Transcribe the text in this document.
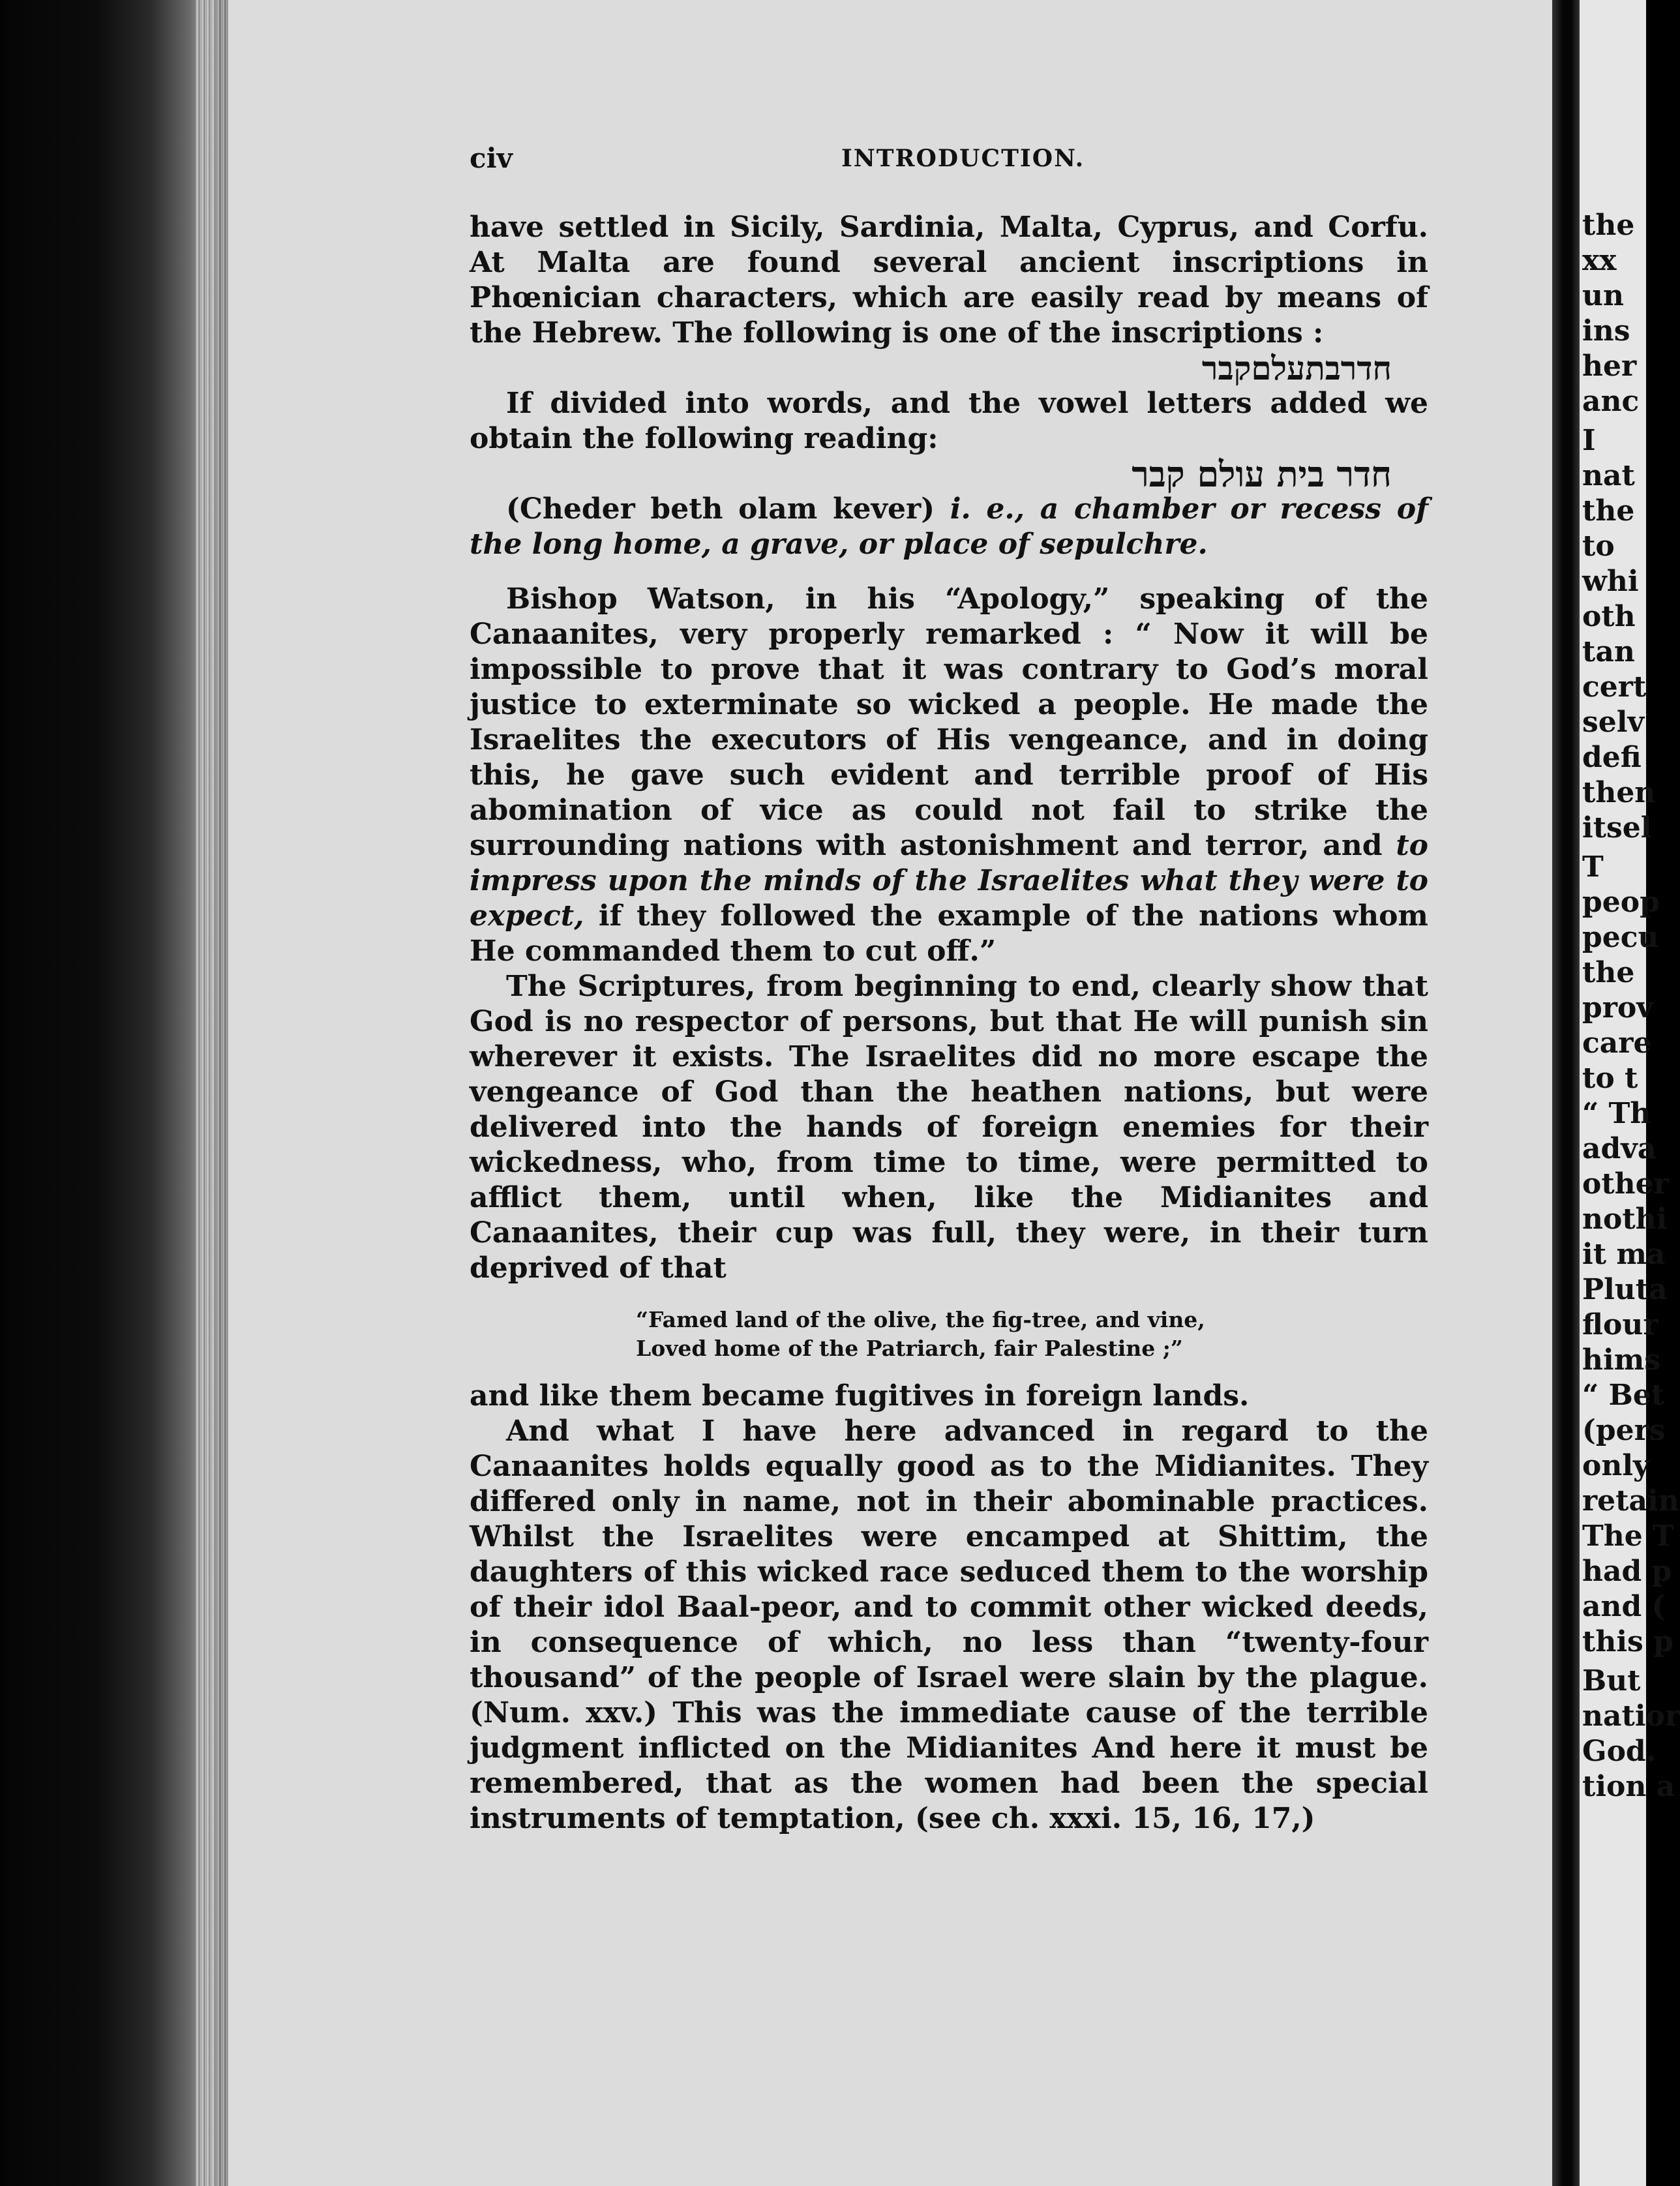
the
xx
un
ins
her
anc
I
nat
the
to
whi
oth
tan
cert
selv
defi
then
itsel
T
peop
pecu
the
prov
care
to t
“ Th
adva
other
nothi
it ma
Pluta
flour
hims
“ Bet
(pers
only
retain
The T
had p
and (
this p
But
natior
God.
tion a
civ	INTRODUCTION.

have settled in Sicily, Sardinia, Malta, Cyprus, and Corfu. At Malta are found several ancient inscriptions in Phœnician characters, which are easily read by means of the Hebrew. The following is one of the inscriptions :

חדרבתעלםקבר

If divided into words, and the vowel letters added we obtain the following reading:

חדר בית עולם קבר

(Cheder beth olam kever) i. e., a chamber or recess of the long home, a grave, or place of sepulchre.

Bishop Watson, in his “Apology,” speaking of the Canaanites, very properly remarked : “ Now it will be impossible to prove that it was contrary to God’s moral justice to exterminate so wicked a people. He made the Israelites the executors of His vengeance, and in doing this, he gave such evident and terrible proof of His abomination of vice as could not fail to strike the surrounding nations with astonishment and terror, and to impress upon the minds of the Israelites what they were to expect, if they followed the example of the nations whom He commanded them to cut off.”

The Scriptures, from beginning to end, clearly show that God is no respector of persons, but that He will punish sin wherever it exists. The Israelites did no more escape the vengeance of God than the heathen nations, but were delivered into the hands of foreign enemies for their wickedness, who, from time to time, were permitted to afflict them, until when, like the Midianites and Canaanites, their cup was full, they were, in their turn deprived of that

“Famed land of the olive, the fig-tree, and vine,
Loved home of the Patriarch, fair Palestine ;”

and like them became fugitives in foreign lands.

And what I have here advanced in regard to the Canaanites holds equally good as to the Midianites. They differed only in name, not in their abominable practices. Whilst the Israelites were encamped at Shittim, the daughters of this wicked race seduced them to the worship of their idol Baal-peor, and to commit other wicked deeds, in consequence of which, no less than “twenty-four thousand” of the people of Israel were slain by the plague. (Num. xxv.) This was the immediate cause of the terrible judgment inflicted on the Midianites And here it must be remembered, that as the women had been the special instruments of temptation, (see ch. xxxi. 15, 16, 17,)
